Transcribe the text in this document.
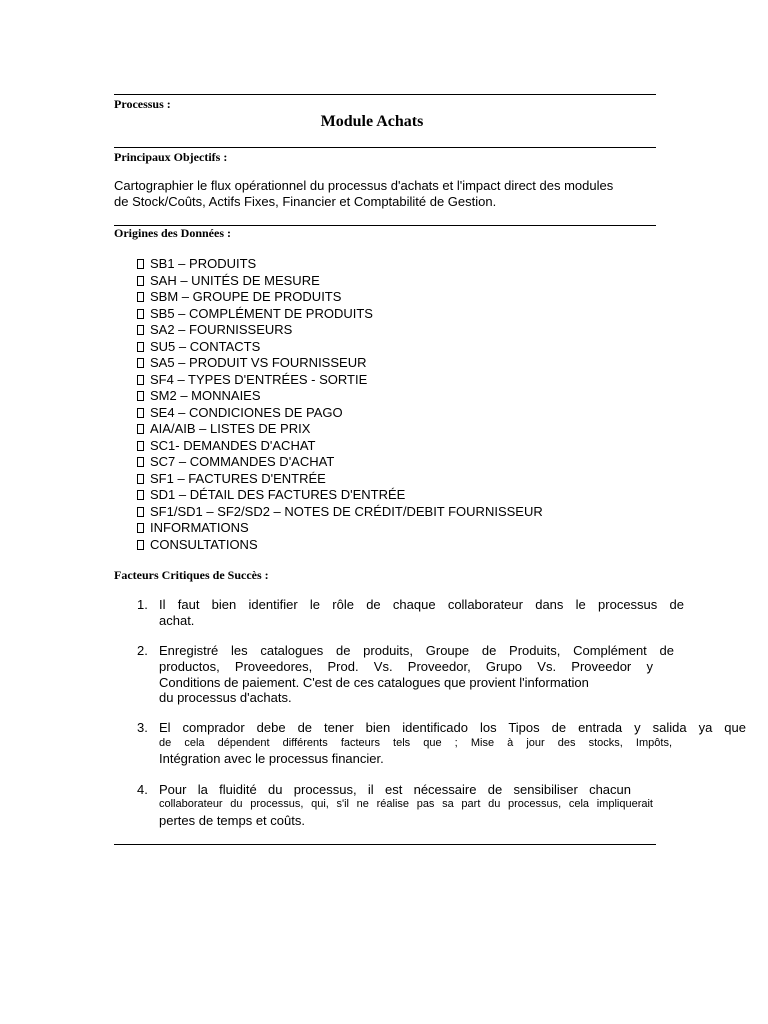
Processus :
Module Achats
Principaux Objectifs :
Cartographier le flux opérationnel du processus d'achats et l'impact direct des modules
de Stock/Coûts, Actifs Fixes, Financier et Comptabilité de Gestion.
Origines des Données :
SB1 – PRODUITS
SAH – UNITÉS DE MESURE
SBM – GROUPE DE PRODUITS
SB5 – COMPLÉMENT DE PRODUITS
SA2 – FOURNISSEURS
SU5 – CONTACTS
SA5 – PRODUIT VS FOURNISSEUR
SF4 – TYPES D'ENTRÉES - SORTIE
SM2 – MONNAIES
SE4 – CONDICIONES DE PAGO
AIA/AIB – LISTES DE PRIX
SC1- DEMANDES D'ACHAT
SC7 – COMMANDES D'ACHAT
SF1 – FACTURES D'ENTRÉE
SD1 – DÉTAIL DES FACTURES D'ENTRÉE
SF1/SD1 – SF2/SD2 – NOTES DE CRÉDIT/DEBIT FOURNISSEUR
INFORMATIONS
CONSULTATIONS
Facteurs Critiques de Succès :
1. Il faut bien identifier le rôle de chaque collaborateur dans le processus de
achat.
2. Enregistré les catalogues de produits, Groupe de Produits, Complément de
productos, Proveedores, Prod. Vs. Proveedor, Grupo Vs. Proveedor y
Conditions de paiement. C'est de ces catalogues que provient l'information
du processus d'achats.
3. El comprador debe de tener bien identificado los Tipos de entrada y salida ya que
de cela dépendent différents facteurs tels que ; Mise à jour des stocks, Impôts,
Intégration avec le processus financier.
4. Pour la fluidité du processus, il est nécessaire de sensibiliser chacun
collaborateur du processus, qui, s'il ne réalise pas sa part du processus, cela impliquerait
pertes de temps et coûts.
